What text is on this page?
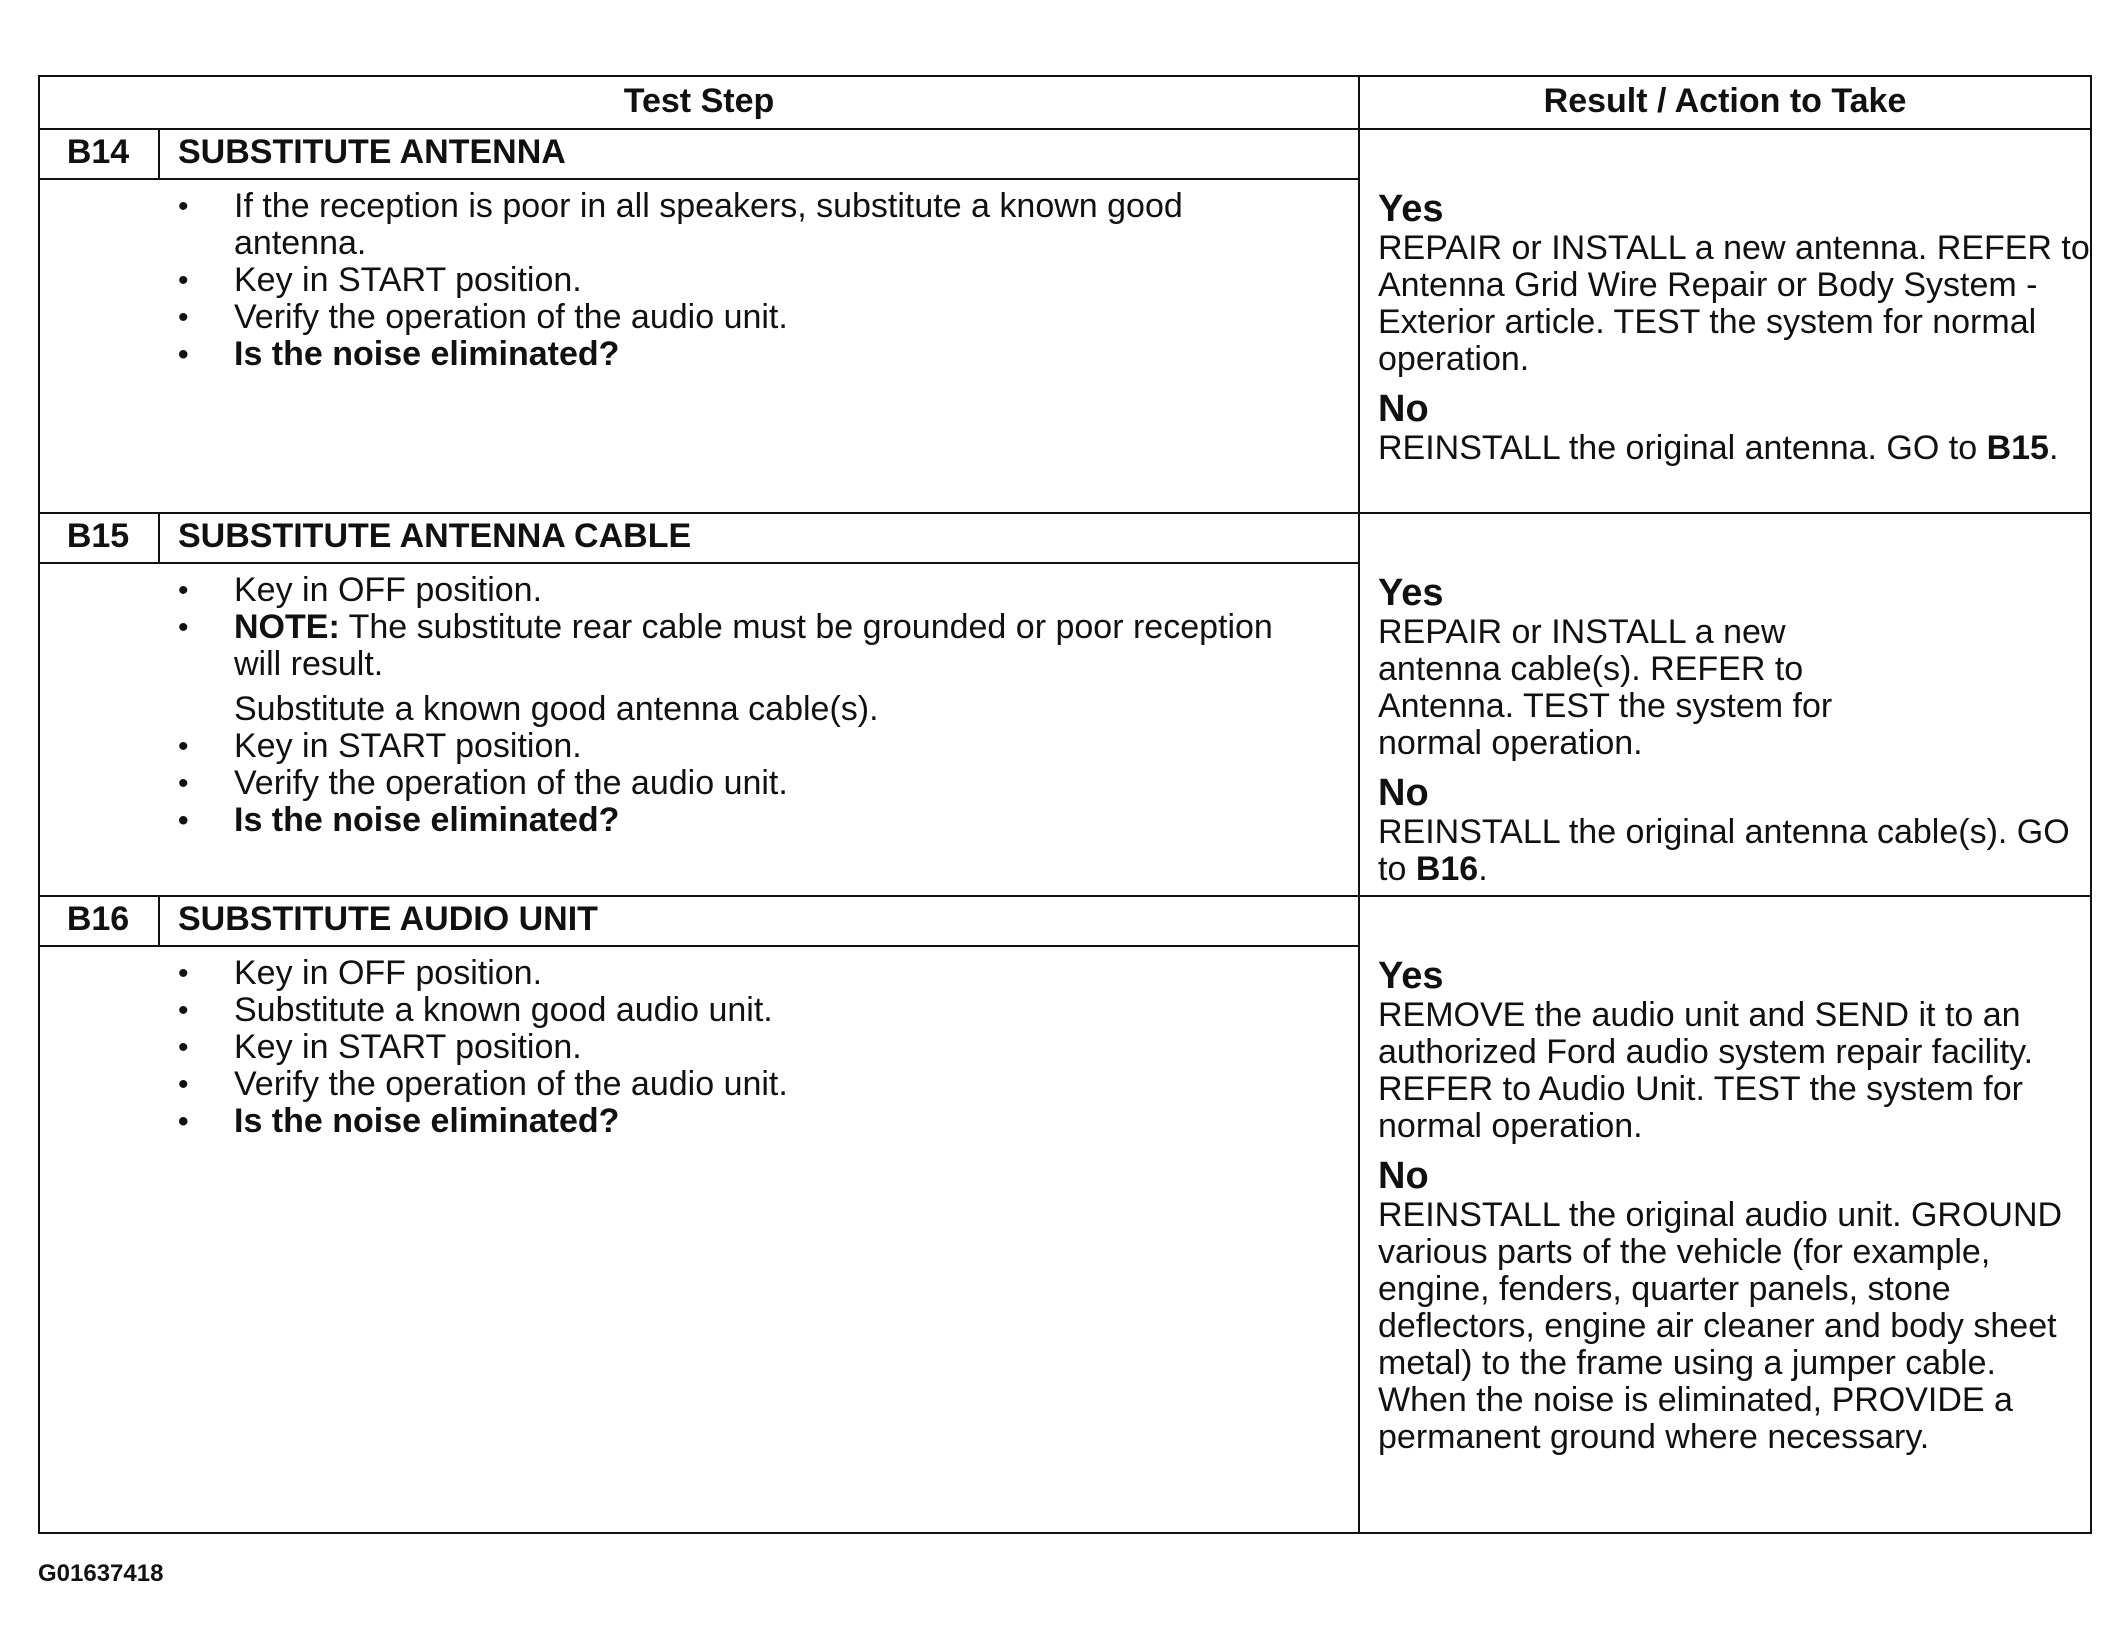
Test Step	Result / Action to Take
B14	SUBSTITUTE ANTENNA
• If the reception is poor in all speakers, substitute a known good antenna.
• Key in START position.
• Verify the operation of the audio unit.
• Is the noise eliminated?
Yes

REPAIR or INSTALL a new antenna. REFER to Antenna Grid Wire Repair or Body System - Exterior article. TEST the system for normal operation.

No

REINSTALL the original antenna. GO to B15.

B15	SUBSTITUTE ANTENNA CABLE
• Key in OFF position.
• NOTE: The substitute rear cable must be grounded or poor reception will result.
Substitute a known good antenna cable(s).
• Key in START position.
• Verify the operation of the audio unit.
• Is the noise eliminated?
Yes

REPAIR or INSTALL a new antenna cable(s). REFER to Antenna. TEST the system for normal operation.

No

REINSTALL the original antenna cable(s). GO to B16.

B16	SUBSTITUTE AUDIO UNIT
• Key in OFF position.
• Substitute a known good audio unit.
• Key in START position.
• Verify the operation of the audio unit.
• Is the noise eliminated?
Yes

REMOVE the audio unit and SEND it to an authorized Ford audio system repair facility. REFER to Audio Unit. TEST the system for normal operation.

No

REINSTALL the original audio unit. GROUND various parts of the vehicle (for example, engine, fenders, quarter panels, stone deflectors, engine air cleaner and body sheet metal) to the frame using a jumper cable. When the noise is eliminated, PROVIDE a permanent ground where necessary.

G01637418
